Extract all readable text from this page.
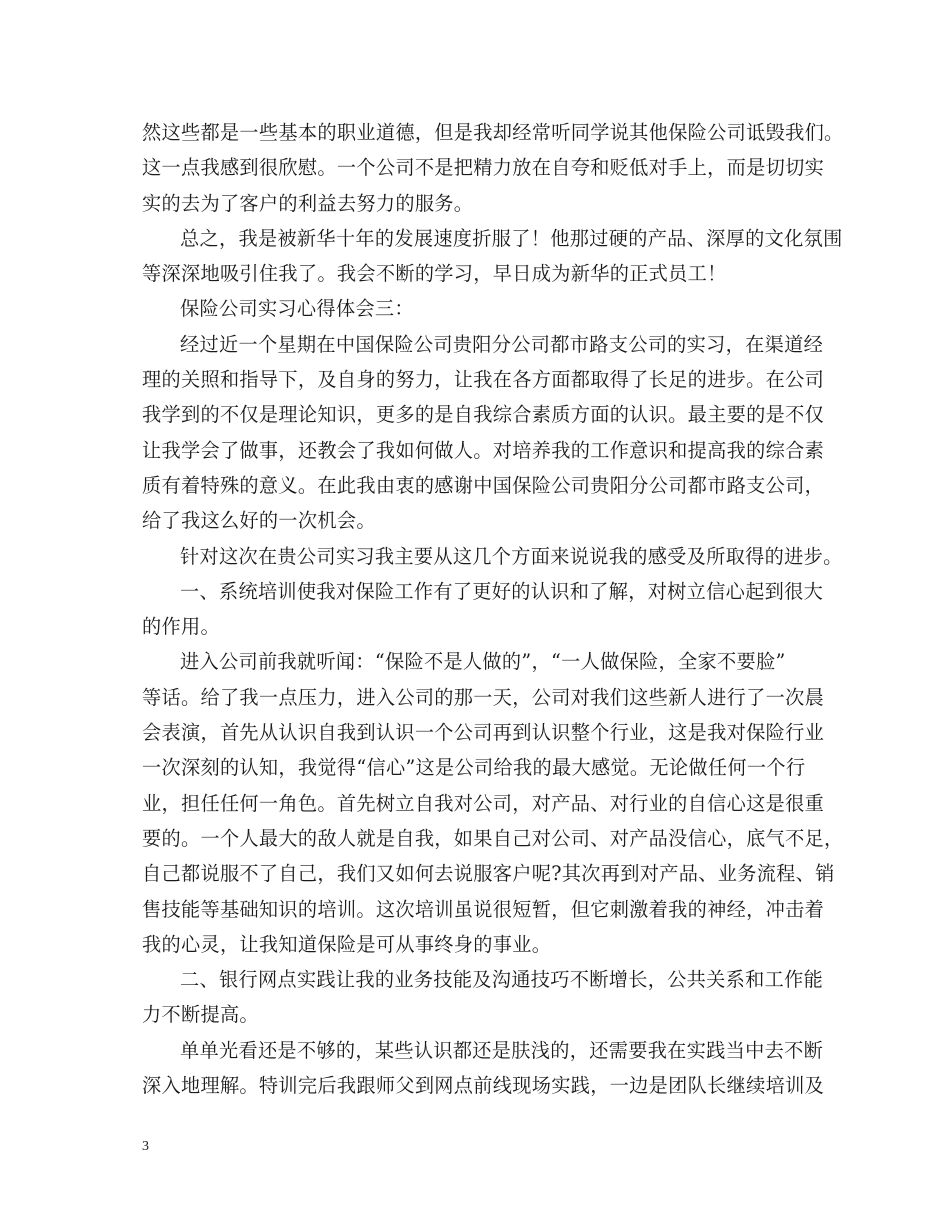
然这些都是一些基本的职业道德，但是我却经常听同学说其他保险公司诋毁我们。
这一点我感到很欣慰。一个公司不是把精力放在自夸和贬低对手上，而是切切实
实的去为了客户的利益去努力的服务。
总之，我是被新华十年的发展速度折服了！他那过硬的产品、深厚的文化氛围
等深深地吸引住我了。我会不断的学习，早日成为新华的正式员工！
保险公司实习心得体会三：
经过近一个星期在中国保险公司贵阳分公司都市路支公司的实习，在渠道经
理的关照和指导下，及自身的努力，让我在各方面都取得了长足的进步。在公司
我学到的不仅是理论知识，更多的是自我综合素质方面的认识。最主要的是不仅
让我学会了做事，还教会了我如何做人。对培养我的工作意识和提高我的综合素
质有着特殊的意义。在此我由衷的感谢中国保险公司贵阳分公司都市路支公司，
给了我这么好的一次机会。
针对这次在贵公司实习我主要从这几个方面来说说我的感受及所取得的进步。
一、系统培训使我对保险工作有了更好的认识和了解，对树立信心起到很大
的作用。
进入公司前我就听闻：“保险不是人做的”，“一人做保险，全家不要脸”
等话。给了我一点压力，进入公司的那一天，公司对我们这些新人进行了一次晨
会表演，首先从认识自我到认识一个公司再到认识整个行业，这是我对保险行业
一次深刻的认知，我觉得“信心”这是公司给我的最大感觉。无论做任何一个行
业，担任任何一角色。首先树立自我对公司，对产品、对行业的自信心这是很重
要的。一个人最大的敌人就是自我，如果自己对公司、对产品没信心，底气不足，
自己都说服不了自己，我们又如何去说服客户呢?其次再到对产品、业务流程、销
售技能等基础知识的培训。这次培训虽说很短暂，但它刺激着我的神经，冲击着
我的心灵，让我知道保险是可从事终身的事业。
二、银行网点实践让我的业务技能及沟通技巧不断增长，公共关系和工作能
力不断提高。
单单光看还是不够的，某些认识都还是肤浅的，还需要我在实践当中去不断
深入地理解。特训完后我跟师父到网点前线现场实践，一边是团队长继续培训及
3
